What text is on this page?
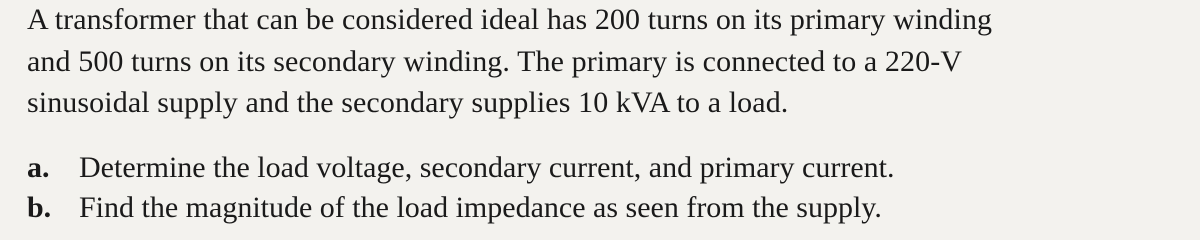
A transformer that can be considered ideal has 200 turns on its primary winding
and 500 turns on its secondary winding. The primary is connected to a 220-V
sinusoidal supply and the secondary supplies 10 kVA to a load.
a. Determine the load voltage, secondary current, and primary current.
b. Find the magnitude of the load impedance as seen from the supply.
